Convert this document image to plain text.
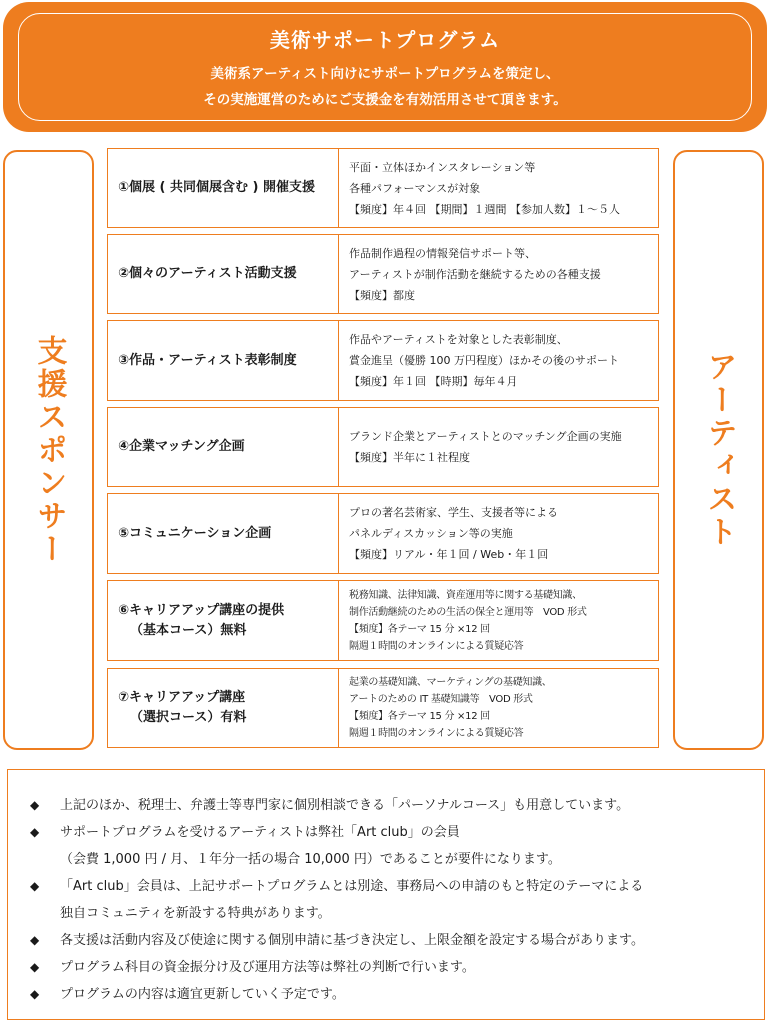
美術サポートプログラム
美術系アーティスト向けにサポートプログラムを策定し、
その実施運営のためにご支援金を有効活用させて頂きます。
支援スポンサー	アーティスト
①個展 ( 共同個展含む ) 開催支援
平面・立体ほかインスタレーション等
各種パフォーマンスが対象
【頻度】年４回 【期間】１週間 【参加人数】１～５人
②個々のアーティスト活動支援
作品制作過程の情報発信サポート等、
アーティストが制作活動を継続するための各種支援
【頻度】都度
③作品・アーティスト表彰制度
作品やアーティストを対象とした表彰制度、
賞金進呈（優勝 100 万円程度）ほかその後のサポート
【頻度】年１回 【時期】毎年４月
④企業マッチング企画
ブランド企業とアーティストとのマッチング企画の実施
【頻度】半年に１社程度
⑤コミュニケーション企画
プロの著名芸術家、学生、支援者等による
パネルディスカッション等の実施
【頻度】リアル・年１回 / Web・年１回
⑥キャリアアップ講座の提供
（基本コース）無料
税務知識、法律知識、資産運用等に関する基礎知識、
制作活動継続のための生活の保全と運用等　VOD 形式
【頻度】各テーマ 15 分 ×12 回
隔週１時間のオンラインによる質疑応答
⑦キャリアアップ講座
（選択コース）有料
起業の基礎知識、マーケティングの基礎知識、
アートのための IT 基礎知識等　VOD 形式
【頻度】各テーマ 15 分 ×12 回
隔週１時間のオンラインによる質疑応答
◆ 上記のほか、税理士、弁護士等専門家に個別相談できる「パーソナルコース」も用意しています。
◆ サポートプログラムを受けるアーティストは弊社「Art club」の会員
（会費 1,000 円 / 月、１年分一括の場合 10,000 円）であることが要件になります。
◆ 「Art club」会員は、上記サポートプログラムとは別途、事務局への申請のもと特定のテーマによる
独自コミュニティを新設する特典があります。
◆ 各支援は活動内容及び使途に関する個別申請に基づき決定し、上限金額を設定する場合があります。
◆ プログラム科目の資金振分け及び運用方法等は弊社の判断で行います。
◆ プログラムの内容は適宜更新していく予定です。
